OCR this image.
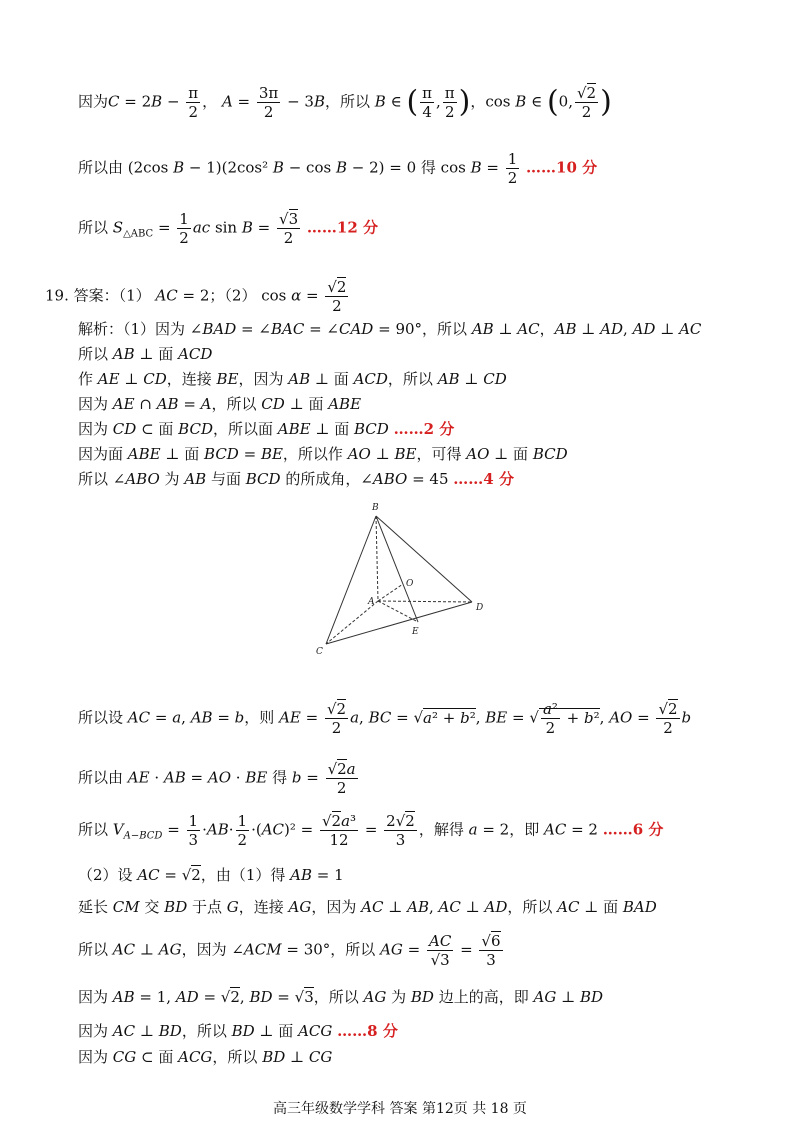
因为$C = 2B - \frac{\pi}{2}$ ， $A = \frac{3\pi}{2} - 3B$，所以 B ∈ ( $\frac{\pi}{4}$ , $\frac{\pi}{2}$ )，cos B ∈ (0, $\frac{√2}{2}$ )
所以由 (2cos B − 1)(2cos² B − cos B − 2) = 0 得 $\cos B = \frac{1}{2}$ ……10 分
所以 $S_{\triangle ABC} = \frac{1}{2}$ ac $\sin B = \frac{√3}{2}$ ……12 分
19. 答案：（1） AC = 2；（2） $\cos \alpha = \frac{√2}{2}$
解析：（1）因为 ∠BAD = ∠BAC = ∠CAD = 90°，所以 AB ⊥ AC，AB ⊥ AD, AD ⊥ AC
所以 AB ⊥ 面 ACD
作 AE ⊥ CD，连接 BE，因为 AB ⊥ 面 ACD，所以 AB ⊥ CD
因为 AE ∩ AB = A，所以 CD ⊥ 面 ABE
因为 CD ⊂ 面 BCD，所以面 ABE ⊥ 面 BCD ……2 分
因为面 ABE ⊥ 面 BCD = BE，所以作 AO ⊥ BE，可得 AO ⊥ 面 BCD
所以 ∠ABO 为 AB 与面 BCD 的所成角，∠ABO = 45 ……4 分
B
O
A
D
E
C
所以设 AC = a, AB = b，则 AE = $\frac{√2}{2} a$, BC = √a² + b², BE = √ $\frac{\text{a²}}{2} + b^2$, AO = $\frac{√2}{2}$ b
所以由 AE · AB = AO · BE 得 $b = \frac{√2a}{2}$
所以 $V_{A-BCD} = \frac{1}{3} \cdot AB\cdot \frac{1}{2} \cdot(AC)^2 = \frac{\text{√2a³}}{12} = \frac{2√2}{3}$ ，解得 a = 2，即 AC = 2 ……6 分
（2）设 AC = √2，由（1）得 AB = 1
延长 CM 交 BD 于点 G，连接 AG，因为 AC ⊥ AB, AC ⊥ AD，所以 AC ⊥ 面 BAD
所以 AC ⊥ AG，因为 ∠ACM = 30°，所以 AG = $\frac{AC}{√3} = \frac{√6}{3}$
因为 AB = 1, AD = √2, BD = √3，所以 AG 为 BD 边上的高，即 AG ⊥ BD
因为 AC ⊥ BD，所以 BD ⊥ 面 ACG ……8 分
因为 CG ⊂ 面 ACG，所以 BD ⊥ CG
高三年级数学学科 答案 第12页 共 18 页
